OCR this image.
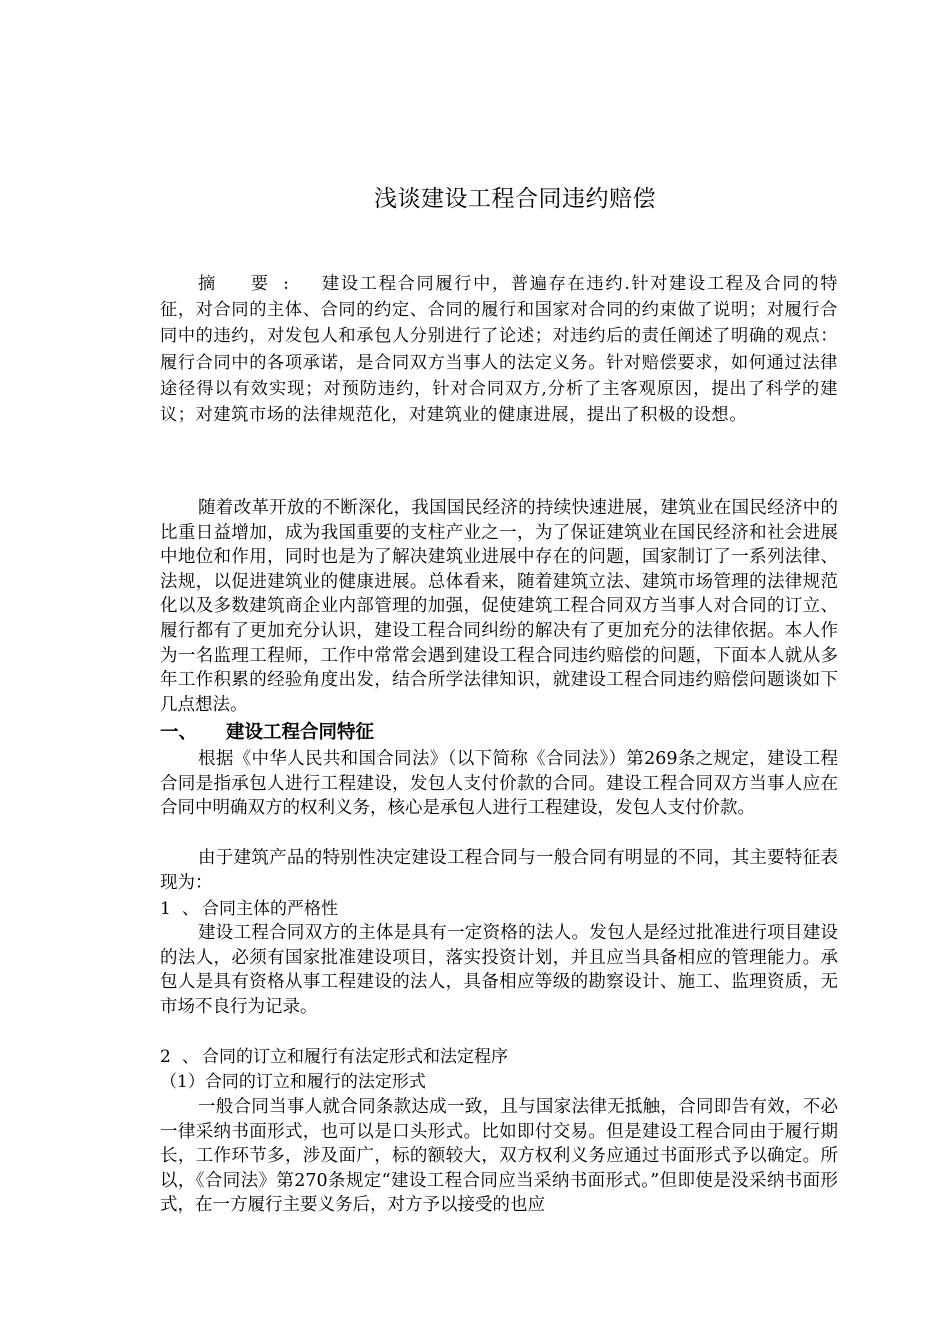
浅谈建设工程合同违约赔偿

摘 要: 建设工程合同履行中，普遍存在违约.针对建设工程及合同的特征，对合同的主体、合同的约定、合同的履行和国家对合同的约束做了说明；对履行合同中的违约，对发包人和承包人分别进行了论述；对违约后的责任阐述了明确的观点：履行合同中的各项承诺，是合同双方当事人的法定义务。针对赔偿要求，如何通过法律途径得以有效实现；对预防违约，针对合同双方,分析了主客观原因，提出了科学的建议；对建筑市场的法律规范化，对建筑业的健康进展，提出了积极的设想。

随着改革开放的不断深化，我国国民经济的持续快速进展，建筑业在国民经济中的比重日益增加，成为我国重要的支柱产业之一，为了保证建筑业在国民经济和社会进展中地位和作用，同时也是为了解决建筑业进展中存在的问题，国家制订了一系列法律、法规，以促进建筑业的健康进展。总体看来，随着建筑立法、建筑市场管理的法律规范化以及多数建筑商企业内部管理的加强，促使建筑工程合同双方当事人对合同的订立、履行都有了更加充分认识，建设工程合同纠纷的解决有了更加充分的法律依据。本人作为一名监理工程师，工作中常常会遇到建设工程合同违约赔偿的问题，下面本人就从多年工作积累的经验角度出发，结合所学法律知识，就建设工程合同违约赔偿问题谈如下几点想法。

一、 建设工程合同特征

根据《中华人民共和国合同法》（以下简称《合同法》）第269条之规定，建设工程合同是指承包人进行工程建设，发包人支付价款的合同。建设工程合同双方当事人应在合同中明确双方的权利义务，核心是承包人进行工程建设，发包人支付价款。

由于建筑产品的特别性决定建设工程合同与一般合同有明显的不同，其主要特征表现为：

1 、 合同主体的严格性

建设工程合同双方的主体是具有一定资格的法人。发包人是经过批准进行项目建设的法人，必须有国家批准建设项目，落实投资计划，并且应当具备相应的管理能力。承包人是具有资格从事工程建设的法人，具备相应等级的勘察设计、施工、监理资质，无市场不良行为记录。

2 、 合同的订立和履行有法定形式和法定程序

（1）合同的订立和履行的法定形式

一般合同当事人就合同条款达成一致，且与国家法律无抵触，合同即告有效，不必一律采纳书面形式，也可以是口头形式。比如即付交易。但是建设工程合同由于履行期长，工作环节多，涉及面广，标的额较大，双方权利义务应通过书面形式予以确定。所以，《合同法》第270条规定“建设工程合同应当采纳书面形式。”但即使是没采纳书面形式，在一方履行主要义务后，对方予以接受的也应
